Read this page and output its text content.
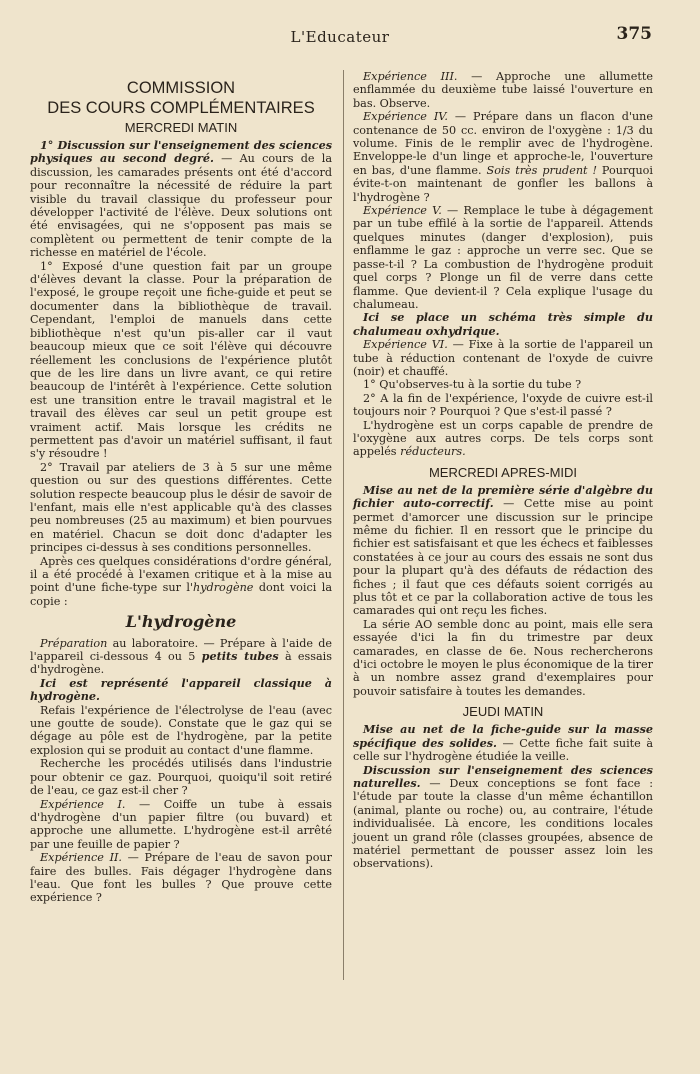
L'Educateur	375
COMMISSION
DES COURS COMPLÉMENTAIRES
MERCREDI MATIN

1° Discussion sur l'enseignement des sciences physiques au second degré. — Au cours de la discussion, les camarades présents ont été d'accord pour reconnaître la nécessité de réduire la part visible du travail classique du professeur pour développer l'activité de l'élève. Deux solutions ont été envisagées, qui ne s'opposent pas mais se complètent ou permettent de tenir compte de la richesse en matériel de l'école.

1° Exposé d'une question fait par un groupe d'élèves devant la classe. Pour la préparation de l'exposé, le groupe reçoit une fiche-guide et peut se documenter dans la bibliothèque de travail. Cependant, l'emploi de manuels dans cette bibliothèque n'est qu'un pis-aller car il vaut beaucoup mieux que ce soit l'élève qui découvre réellement les conclusions de l'expérience plutôt que de les lire dans un livre avant, ce qui retire beaucoup de l'intérêt à l'expérience. Cette solution est une transition entre le travail magistral et le travail des élèves car seul un petit groupe est vraiment actif. Mais lorsque les crédits ne permettent pas d'avoir un matériel suffisant, il faut s'y résoudre !

2° Travail par ateliers de 3 à 5 sur une même question ou sur des questions différentes. Cette solution respecte beaucoup plus le désir de savoir de l'enfant, mais elle n'est applicable qu'à des classes peu nombreuses (25 au maximum) et bien pourvues en matériel. Chacun se doit donc d'adapter les principes ci-dessus à ses conditions personnelles.

Après ces quelques considérations d'ordre général, il a été procédé à l'examen critique et à la mise au point d'une fiche-type sur l'hydrogène dont voici la copie :

L'hydrogène

Préparation au laboratoire. — Prépare à l'aide de l'appareil ci-dessous 4 ou 5 petits tubes à essais d'hydrogène.

Ici est représenté l'appareil classique à hydrogène.

Refais l'expérience de l'électrolyse de l'eau (avec une goutte de soude). Constate que le gaz qui se dégage au pôle est de l'hydrogène, par la petite explosion qui se produit au contact d'une flamme.

Recherche les procédés utilisés dans l'industrie pour obtenir ce gaz. Pourquoi, quoiqu'il soit retiré de l'eau, ce gaz est-il cher ?

Expérience I. — Coiffe un tube à essais d'hydrogène d'un papier filtre (ou buvard) et approche une allumette. L'hydrogène est-il arrêté par une feuille de papier ?

Expérience II. — Prépare de l'eau de savon pour faire des bulles. Fais dégager l'hydrogène dans l'eau. Que font les bulles ? Que prouve cette expérience ?

Expérience III. — Approche une allumette enflammée du deuxième tube laissé l'ouverture en bas. Observe.

Expérience IV. — Prépare dans un flacon d'une contenance de 50 cc. environ de l'oxygène : 1/3 du volume. Finis de le remplir avec de l'hydrogène. Enveloppe-le d'un linge et approche-le, l'ouverture en bas, d'une flamme. Sois très prudent ! Pourquoi évite-t-on maintenant de gonfler les ballons à l'hydrogène ?

Expérience V. — Remplace le tube à dégagement par un tube effilé à la sortie de l'appareil. Attends quelques minutes (danger d'explosion), puis enflamme le gaz : approche un verre sec. Que se passe-t-il ? La combustion de l'hydrogène produit quel corps ? Plonge un fil de verre dans cette flamme. Que devient-il ? Cela explique l'usage du chalumeau.

Ici se place un schéma très simple du chalumeau oxhydrique.

Expérience VI. — Fixe à la sortie de l'appareil un tube à réduction contenant de l'oxyde de cuivre (noir) et chauffé.

1° Qu'observes-tu à la sortie du tube ?

2° A la fin de l'expérience, l'oxyde de cuivre est-il toujours noir ? Pourquoi ? Que s'est-il passé ?

L'hydrogène est un corps capable de prendre de l'oxygène aux autres corps. De tels corps sont appelés réducteurs.

MERCREDI APRES-MIDI

Mise au net de la première série d'algèbre du fichier auto-correctif. — Cette mise au point permet d'amorcer une discussion sur le principe même du fichier. Il en ressort que le principe du fichier est satisfaisant et que les échecs et faiblesses constatées à ce jour au cours des essais ne sont dus pour la plupart qu'à des défauts de rédaction des fiches ; il faut que ces défauts soient corrigés au plus tôt et ce par la collaboration active de tous les camarades qui ont reçu les fiches.

La série AO semble donc au point, mais elle sera essayée d'ici la fin du trimestre par deux camarades, en classe de 6e. Nous rechercherons d'ici octobre le moyen le plus économique de la tirer à un nombre assez grand d'exemplaires pour pouvoir satisfaire à toutes les demandes.

JEUDI MATIN

Mise au net de la fiche-guide sur la masse spécifique des solides. — Cette fiche fait suite à celle sur l'hydrogène étudiée la veille.

Discussion sur l'enseignement des sciences naturelles. — Deux conceptions se font face : l'étude par toute la classe d'un même échantillon (animal, plante ou roche) ou, au contraire, l'étude individualisée. Là encore, les conditions locales jouent un grand rôle (classes groupées, absence de matériel permettant de pousser assez loin les observations).
